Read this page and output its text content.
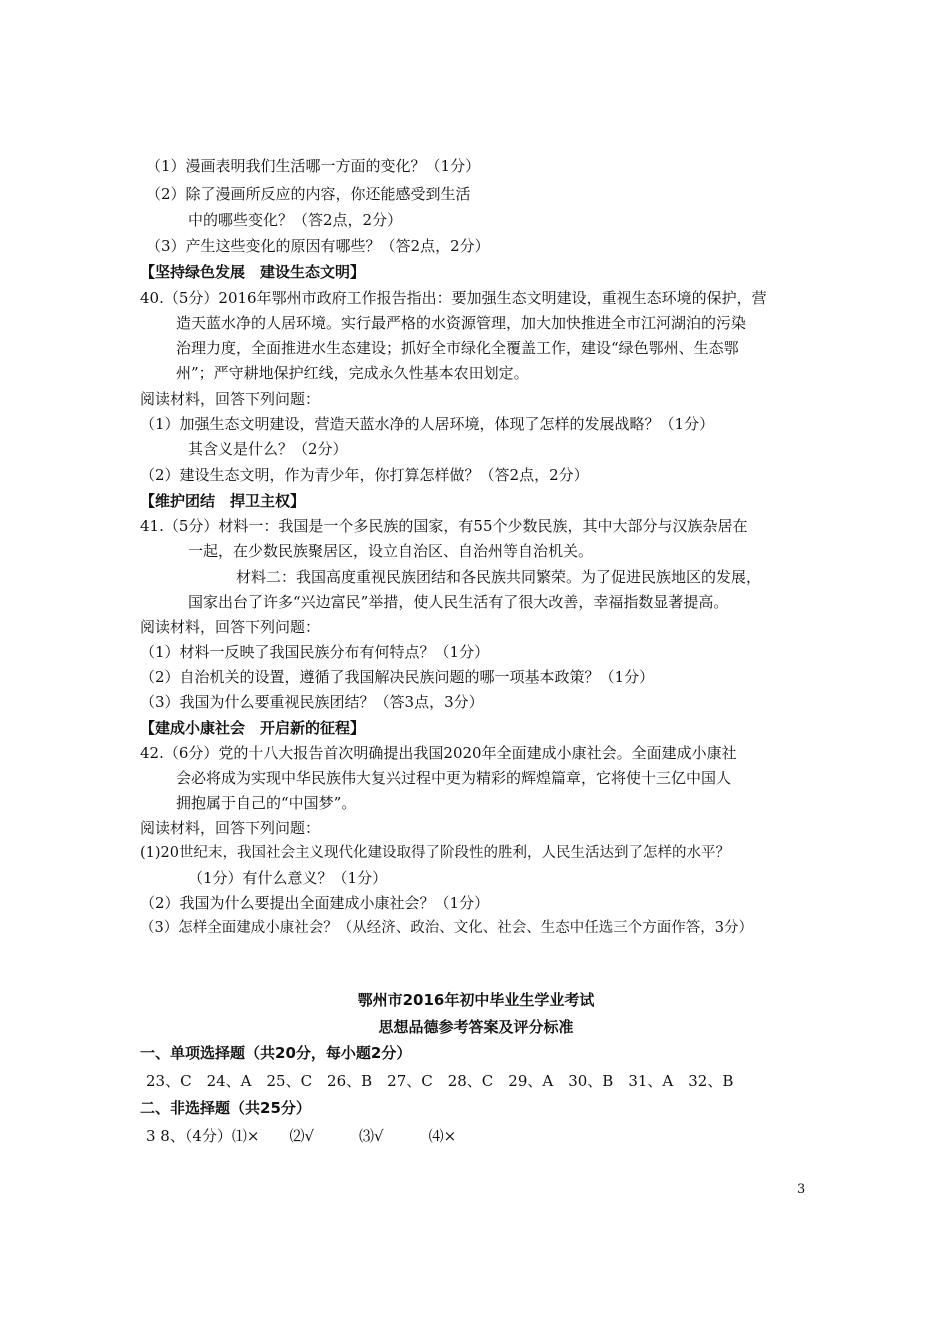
（1）漫画表明我们生活哪一方面的变化？（1分）
（2）除了漫画所反应的内容，你还能感受到生活
中的哪些变化？（答2点，2分）
（3）产生这些变化的原因有哪些？（答2点，2分）
【坚持绿色发展　建设生态文明】
40.（5分）2016年鄂州市政府工作报告指出：要加强生态文明建设，重视生态环境的保护，营
造天蓝水净的人居环境。实行最严格的水资源管理，加大加快推进全市江河湖泊的污染
治理力度，全面推进水生态建设；抓好全市绿化全覆盖工作，建设“绿色鄂州、生态鄂
州”；严守耕地保护红线，完成永久性基本农田划定。
阅读材料，回答下列问题：
（1）加强生态文明建设，营造天蓝水净的人居环境，体现了怎样的发展战略？（1分）
其含义是什么？（2分）
（2）建设生态文明，作为青少年，你打算怎样做？（答2点，2分）
【维护团结　捍卫主权】
41.（5分）材料一：我国是一个多民族的国家，有55个少数民族，其中大部分与汉族杂居在
一起，在少数民族聚居区，设立自治区、自治州等自治机关。
材料二：我国高度重视民族团结和各民族共同繁荣。为了促进民族地区的发展，
国家出台了许多“兴边富民”举措，使人民生活有了很大改善，幸福指数显著提高。
阅读材料，回答下列问题：
（1）材料一反映了我国民族分布有何特点？（1分）
（2）自治机关的设置，遵循了我国解决民族问题的哪一项基本政策？（1分）
（3）我国为什么要重视民族团结？（答3点，3分）
【建成小康社会　开启新的征程】
42.（6分）党的十八大报告首次明确提出我国2020年全面建成小康社会。全面建成小康社
会必将成为实现中华民族伟大复兴过程中更为精彩的辉煌篇章，它将使十三亿中国人
拥抱属于自己的“中国梦”。
阅读材料，回答下列问题：
(1)20世纪末，我国社会主义现代化建设取得了阶段性的胜利，人民生活达到了怎样的水平？
（1分）有什么意义？（1分）
（2）我国为什么要提出全面建成小康社会？（1分）
（3）怎样全面建成小康社会？（从经济、政治、文化、社会、生态中任选三个方面作答，3分）
鄂州市2016年初中毕业生学业考试
思想品德参考答案及评分标准
一、单项选择题（共20分，每小题2分）
23、C　24、A　25、C　26、B　27、C　28、C　29、A　30、B　31、A　32、B
二、非选择题（共25分）
3 8、（4分）⑴×　　⑵√　　　⑶√　　　⑷×
3
